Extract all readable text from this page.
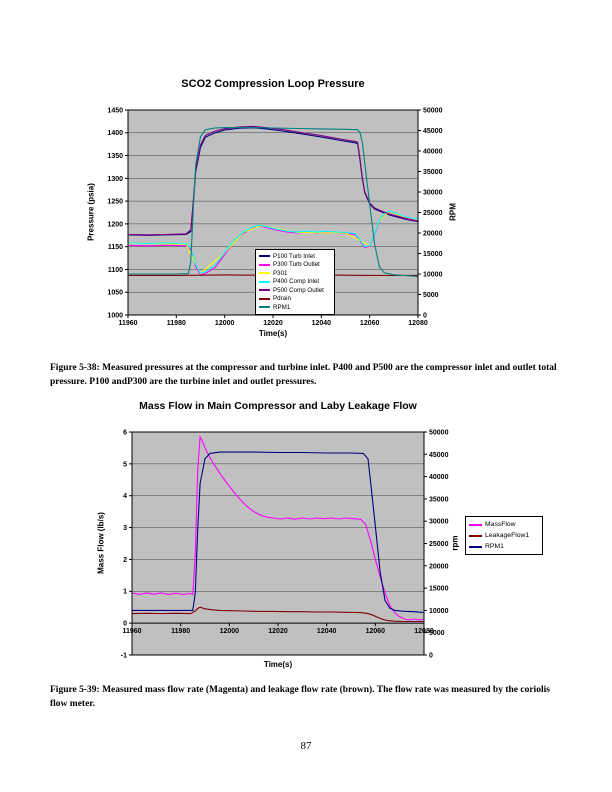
1000
1050
1100
1150
1200
1250
1300
1350
1400
1450
0
5000
10000
15000
20000
25000
30000
35000
40000
45000
50000
11960	11980	12000	12020	12040	12060	12080
SCO2 Compression Loop Pressure
Pressure (psia)	RPM
Time(s)
P100 Turb Inlet
P300 Turb Outlet
P301
P400 Comp Inlet
P500 Comp Outlet
Pdrain
RPM1
Figure 5-38: Measured pressures at the compressor and turbine inlet. P400 and P500 are the compressor inlet and outlet total pressure. P100 andP300 are the turbine inlet and outlet pressures.
-1
0
1
2
3
4
5
6
0
5000
10000
15000
20000
25000
30000
35000
40000
45000
50000
11960	11980	12000	12020	12040	12060	12080
Mass Flow in Main Compressor and Laby Leakage Flow
Mass Flow (lb/s)	rpm
Time(s)
MassFlow
LeakageFlow1
RPM1
Figure 5-39: Measured mass flow rate (Magenta) and leakage flow rate (brown). The flow rate was measured by the coriolis flow meter.
87
